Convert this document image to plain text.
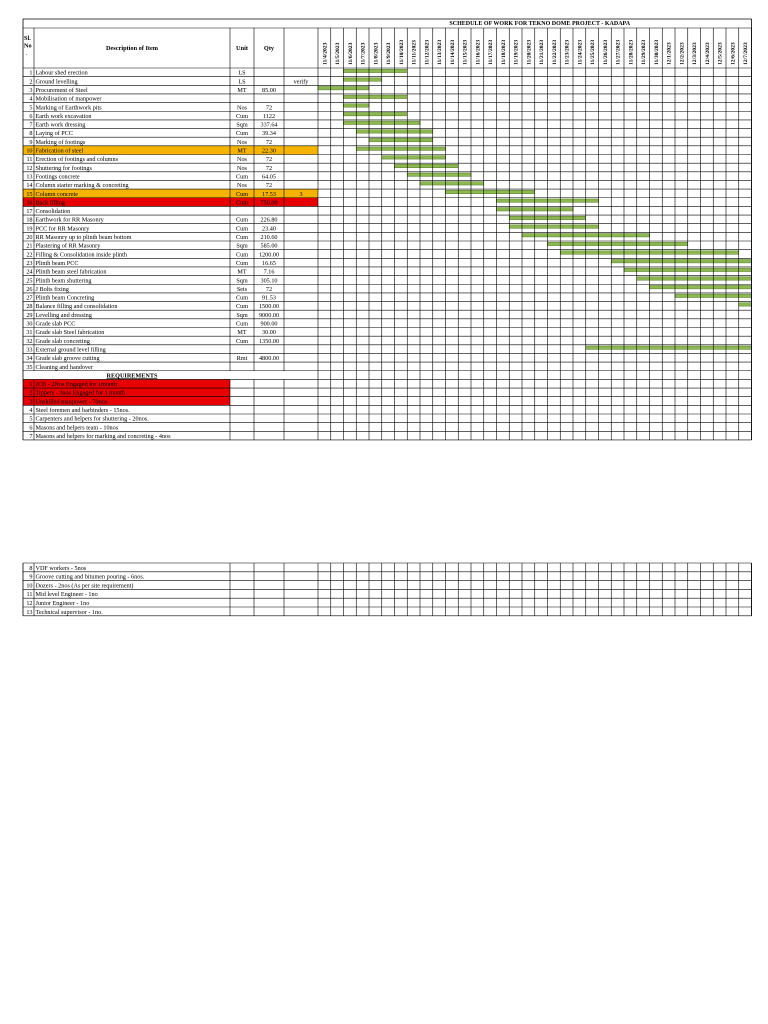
SCHEDULE OF WORK FOR TEKNO DOME PROJECT - KADAPA
Sl.
No
.
Description of Item	Unit	Qty	11/4/2023 11/5/2023 11/6/2023 11/7/2023 11/8/2023 11/9/2023 11/10/2023 11/11/2023 11/12/2023 11/13/2023 11/14/2023 11/15/2023 11/16/2023 11/17/2023 11/18/2023 11/19/2023 11/20/2023 11/21/2023 11/22/2023 11/23/2023 11/24/2023 11/25/2023 11/26/2023 11/27/2023 11/28/2023 11/29/2023 11/30/2023 12/1/2023 12/2/2023 12/3/2023 12/4/2023 12/5/2023 12/6/2023 12/7/2023
1 Labour shed erection	LS
2 Ground levelling	LS	verify
3 Procurement of Steel	MT 85.00
4 Mobilisation of manpower
5 Marking of Earthwork pits	Nos	72
6 Earth work excavation	Cum 1122
7 Earth work dressing	Sqm 337.64
8 Laying of PCC	Cum 39.34
9 Marking of footings	Nos	72
10 Fabrication of steel	MT 22.30
11 Erection of footings and columns	Nos	72
12 Shuttering for footings	Nos	72
13 Footings concrete	Cum 64.05
14 Column starter marking & concreting	Nos	72
15 Column concrete	Cum 17.53	3
16 Back filling	Cum 750.00
17 Consolidation
18 Earthwork for RR Masonry	Cum 226.80
19 PCC for RR Masonry	Cum 23.40
20 RR Masonry up to plinth beam bottom	Cum 210.60
21 Plastering of RR Masonry	Sqm 585.00
22 Filling & Consolidation inside plinth	Cum 1200.00
23 Plinth beam PCC	Cum 16.65
24 Plinth beam steel fabrication	MT	7.16
25 Plinth beam shuttering	Sqm 305.10
26 J Bolts fixing	Sets	72
27 Plinth beam Concreting	Cum 91.53
28 Balance filling and consolidation	Cum 1500.00
29 Levelling and dressing	Sqm 9000.00
30 Grade slab PCC	Cum 900.00
31 Grade slab Steel fabrication	MT 30.00
32 Grade slab concreting	Cum 1350.00
33 External ground level filling
34 Grade slab groove cutting	Rmt 4800.00
35 Cleaning and handover
REQUIREMENTS
1 JCB - 2Nos Engaged for 1month
2 Tippers - 3nos Engaged for 1 month
3 Unskilled manpower - 70nos
4 Steel foremen and barbinders - 15nos.
5 Carpenters and helpers for shuttering - 20nos.
6 Masons and helpers team - 10nos
7 Masons and helpers for marking and concreting - 4nos
8 VDF workers - 5nos
9 Groove cutting and bitumen pouring - 6nos.
10 Dozers - 2nos (As per site requirement)
11 Mid level Engineer - 1no
12 Junior Engineer - 1no
13 Technical supervisor - 1no.
